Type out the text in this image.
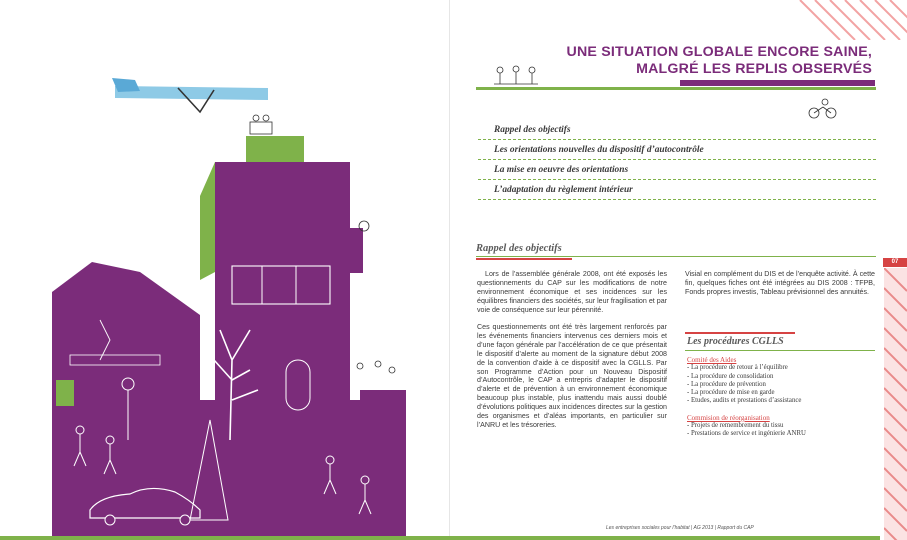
UNE SITUATION GLOBALE ENCORE SAINE,
MALGRÉ LES REPLIS OBSERVÉS
Rappel des objectifs
Les orientations nouvelles du dispositif d’autocontrôle
La mise en oeuvre des orientations
L’adaptation du règlement intérieur
Rappel des objectifs

Lors de l’assemblée générale 2008, ont été exposés les questionnements du CAP sur les modifications de notre environnement économique et ses incidences sur les équilibres financiers des sociétés, sur leur fragilisation et par voie de conséquence sur leur pérennité.

Ces questionnements ont été très largement renforcés par les événements financiers intervenus ces derniers mois et d’une façon générale par l’accélération de ce que présentait le dispositif d’alerte au moment de la signature début 2008 de la convention d’aide à ce dispositif avec la CGLLS. Par son Programme d’Action pour un Nouveau Dispositif d’Autocontrôle, le CAP a entrepris d’adapter le dispositif d’alerte et de prévention à un environnement économique beaucoup plus instable, plus inattendu mais aussi doublé d’évolutions politiques aux incidences directes sur la gestion des organismes et d’aléas importants, en particulier sur l’ANRU et les trésoreries.

Visial en complément du DIS et de l’enquête activité. À cette fin, quelques fiches ont été intégrées au DIS 2008 : TFPB, Fonds propres investis, Tableau prévisionnel des annuités.

Les procédures CGLLS
Comité des Aides
- La procédure de retour à l’équilibre
- La procédure de consolidation
- La procédure de prévention
- La procédure de mise en garde
- Etudes, audits et prestations d’assistance
Commision de réorganisation
- Projets de remembrement du tissu
- Prestations de service et ingénierie ANRU
07
Les entreprises sociales pour l’habitat | AG 2013 | Rapport du CAP
